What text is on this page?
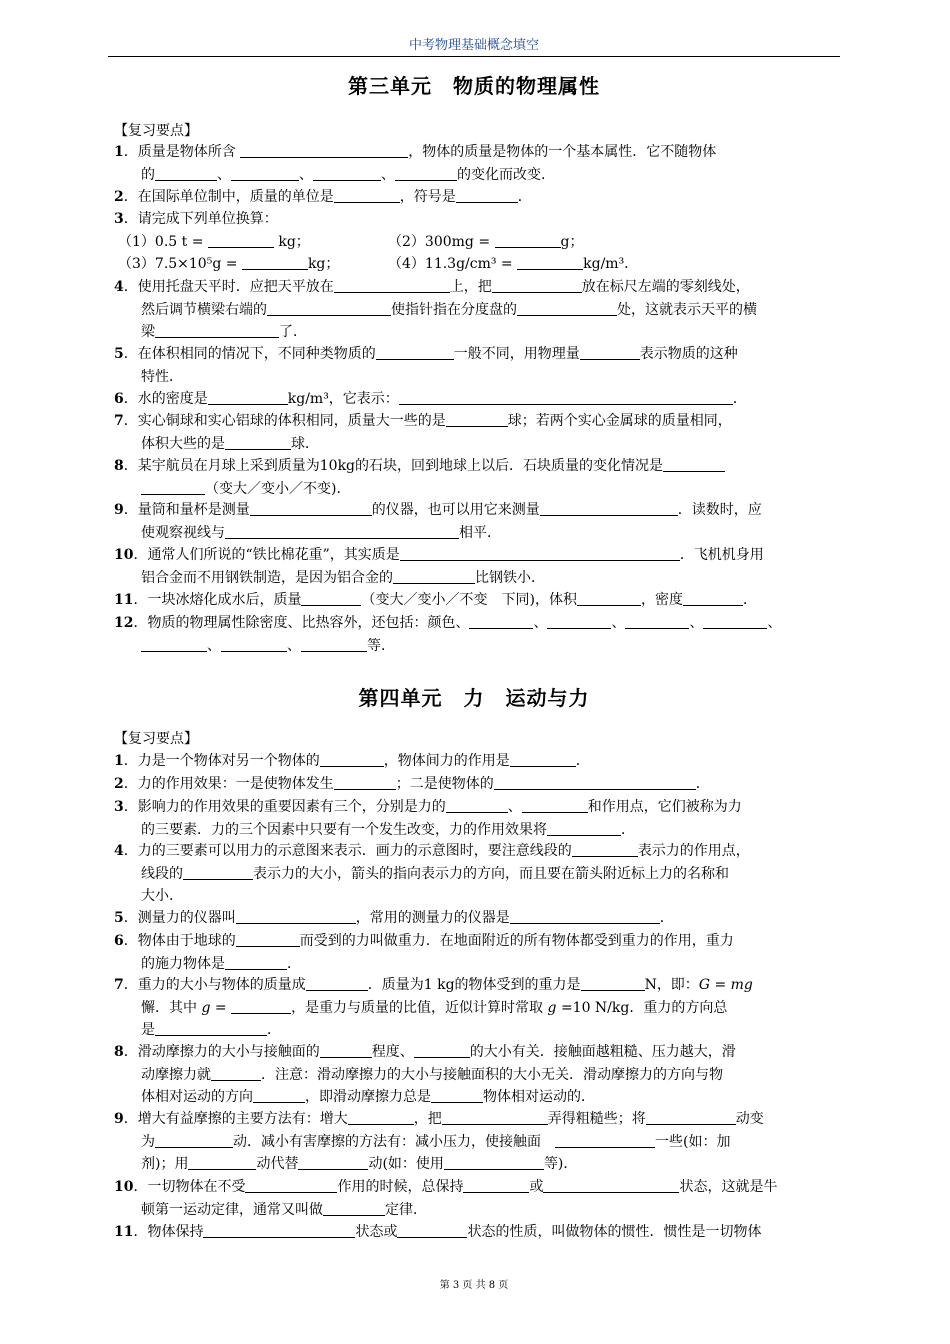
中考物理基础概念填空
第三单元　物质的物理属性
【复习要点】
1．质量是物体所含	，物体的质量是物体的一个基本属性．它不随物体
的	、	、	、	的变化而改变．
2．在国际单位制中，质量的单位是	，符号是	．
3．请完成下列单位换算：
（1）0.5 t =	kg；	（2）300mg =	g；
（3）7.5×10⁵g =	kg；	（4）11.3g/cm³ =	kg/m³．
4．使用托盘天平时．应把天平放在	上，把	放在标尺左端的零刻线处，
然后调节横梁右端的	使指针指在分度盘的	处，这就表示天平的横
梁	了．
5．在体积相同的情况下，不同种类物质的	一般不同，用物理量	表示物质的这种
特性．
6．水的密度是	kg/m³，它表示：	．
7．实心铜球和实心铝球的体积相同，质量大一些的是	球；若两个实心金属球的质量相同，
体积大些的是	球．
8．某宇航员在月球上采到质量为10kg的石块，回到地球上以后．石块质量的变化情况是
（变大／变小／不变)．
9．量筒和量杯是测量	的仪器，也可以用它来测量	．读数时，应
使观察视线与	相平．
10．通常人们所说的“铁比棉花重”，其实质是	．飞机机身用
铝合金而不用钢铁制造，是因为铝合金的	比钢铁小．
11．一块冰熔化成水后，质量	（变大／变小／不变　下同)，体积	，密度	．
12．物质的物理属性除密度、比热容外，还包括：颜色、	、	、	、	、
、	、	等．
第四单元　力　运动与力
【复习要点】
1．力是一个物体对另一个物体的	，物体间力的作用是	．
2．力的作用效果：一是使物体发生	；二是使物体的	．
3．影响力的作用效果的重要因素有三个，分别是力的	、	和作用点，它们被称为力
的三要素．力的三个因素中只要有一个发生改变，力的作用效果将	．
4．力的三要素可以用力的示意图来表示．画力的示意图时，要注意线段的	表示力的作用点，
线段的	表示力的大小，箭头的指向表示力的方向，而且要在箭头附近标上力的名称和
大小．
5．测量力的仪器叫	，常用的测量力的仪器是	．
6．物体由于地球的	而受到的力叫做重力．在地面附近的所有物体都受到重力的作用，重力
的施力物体是	．
7．重力的大小与物体的质量成	．质量为1 kg的物体受到的重力是	N，即：G = mg
懈．其中 g =	，是重力与质量的比值，近似计算时常取 g =10 N/kg．重力的方向总
是	．
8．滑动摩擦力的大小与接触面的	程度、	的大小有关．接触面越粗糙、压力越大，滑
动摩擦力就	．注意：滑动摩擦力的大小与接触面积的大小无关．滑动摩擦力的方向与物
体相对运动的方向	，即滑动摩擦力总是	物体相对运动的．
9．增大有益摩擦的主要方法有：增大	，把	弄得粗糙些；将	动变
为	动．减小有害摩擦的方法有：减小压力，使接触面　	一些(如：加
剂)；用	动代替	动(如：使用	等)．
10．一切物体在不受	作用的时候，总保持	或	状态，这就是牛
顿第一运动定律，通常又叫做	定律．
11．物体保持	状态或	状态的性质，叫做物体的惯性．惯性是一切物体
第 3 页 共 8 页
